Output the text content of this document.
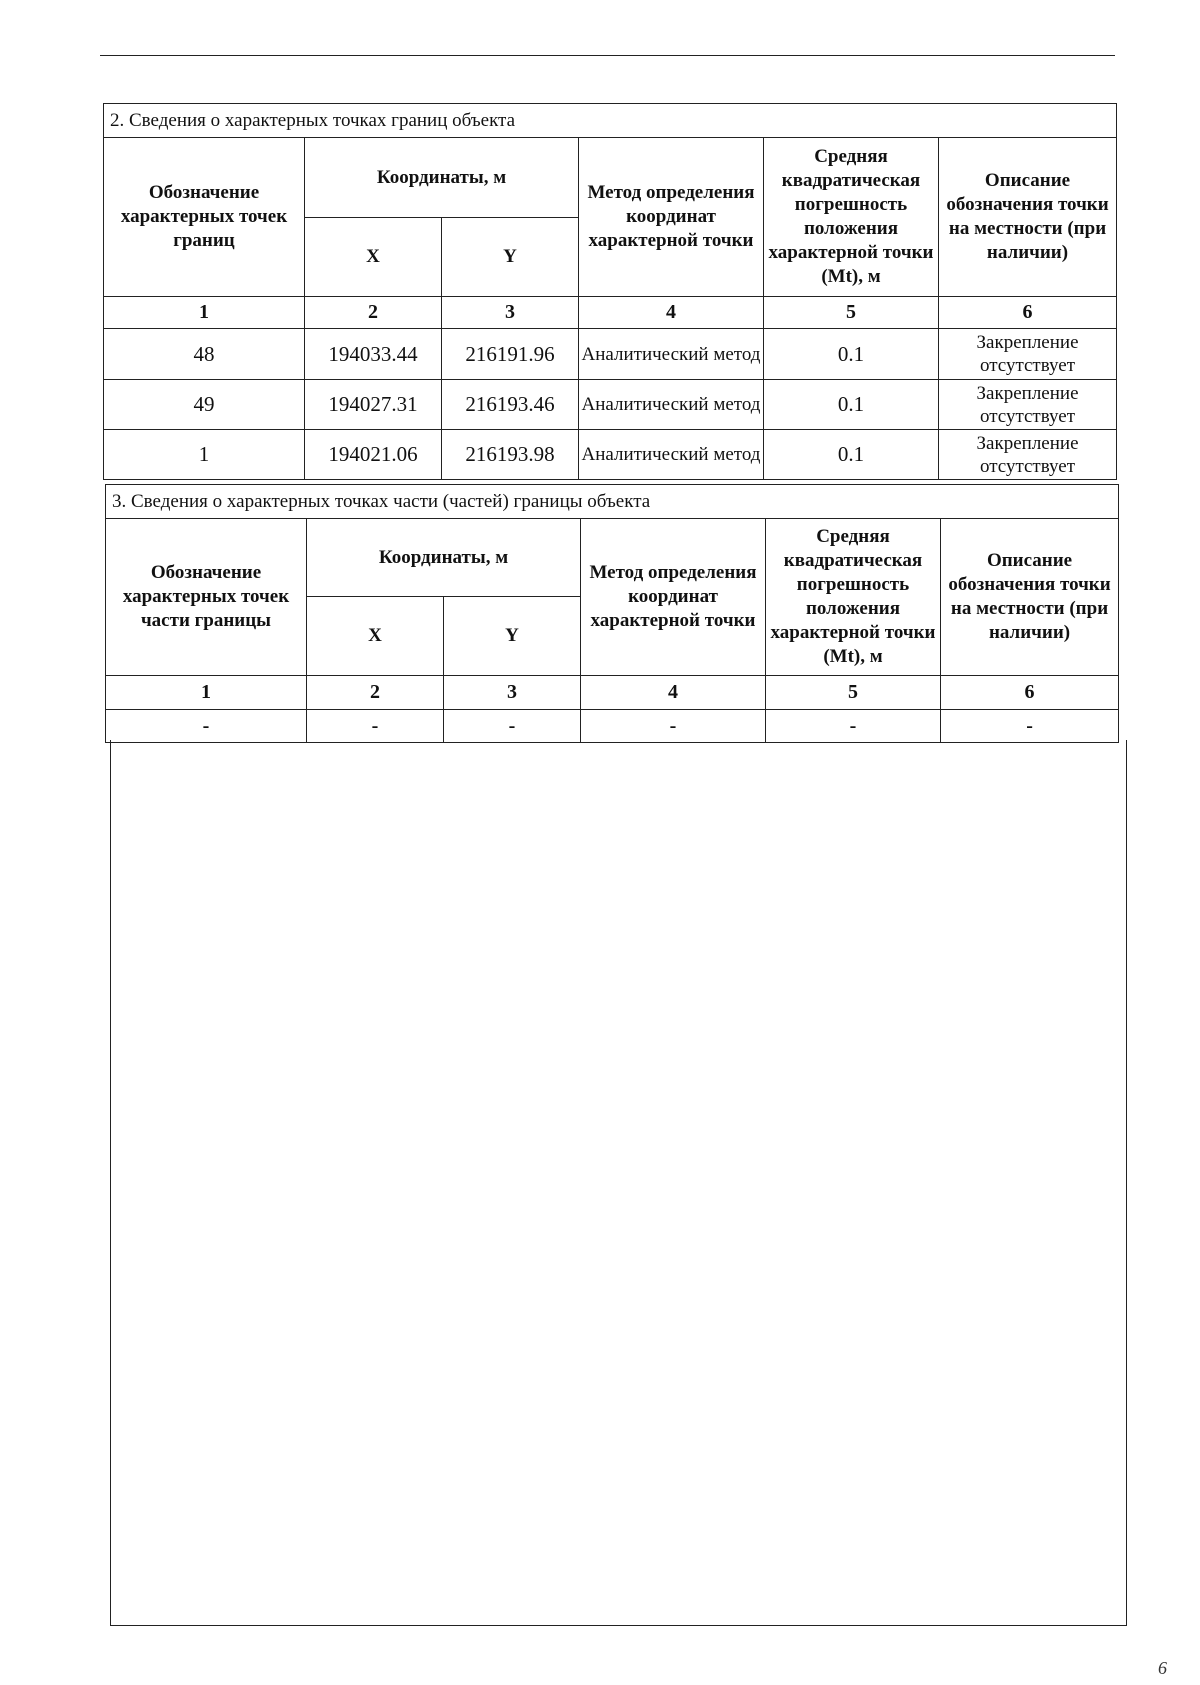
2. Сведения о характерных точках границ объекта					
Обозначение характерных точек границ	Координаты, м		Метод определения координат характерной точки	Средняя квадратическая погрешность положения характерной точки (Mt), м	Описание обозначения точки на местности (при наличии)
	X	Y			
1	2	3	4	5	6
48	194033.44	216191.96	Аналитический метод	0.1	Закрепление отсутствует
49	194027.31	216193.46	Аналитический метод	0.1	Закрепление отсутствует
1	194021.06	216193.98	Аналитический метод	0.1	Закрепление отсутствует
3. Сведения о характерных точках части (частей) границы объекта					
Обозначение характерных точек части границы	Координаты, м		Метод определения координат характерной точки	Средняя квадратическая погрешность положения характерной точки (Mt), м	Описание обозначения точки на местности (при наличии)
	X	Y			
1	2	3	4	5	6
-	-	-	-	-	-
6
